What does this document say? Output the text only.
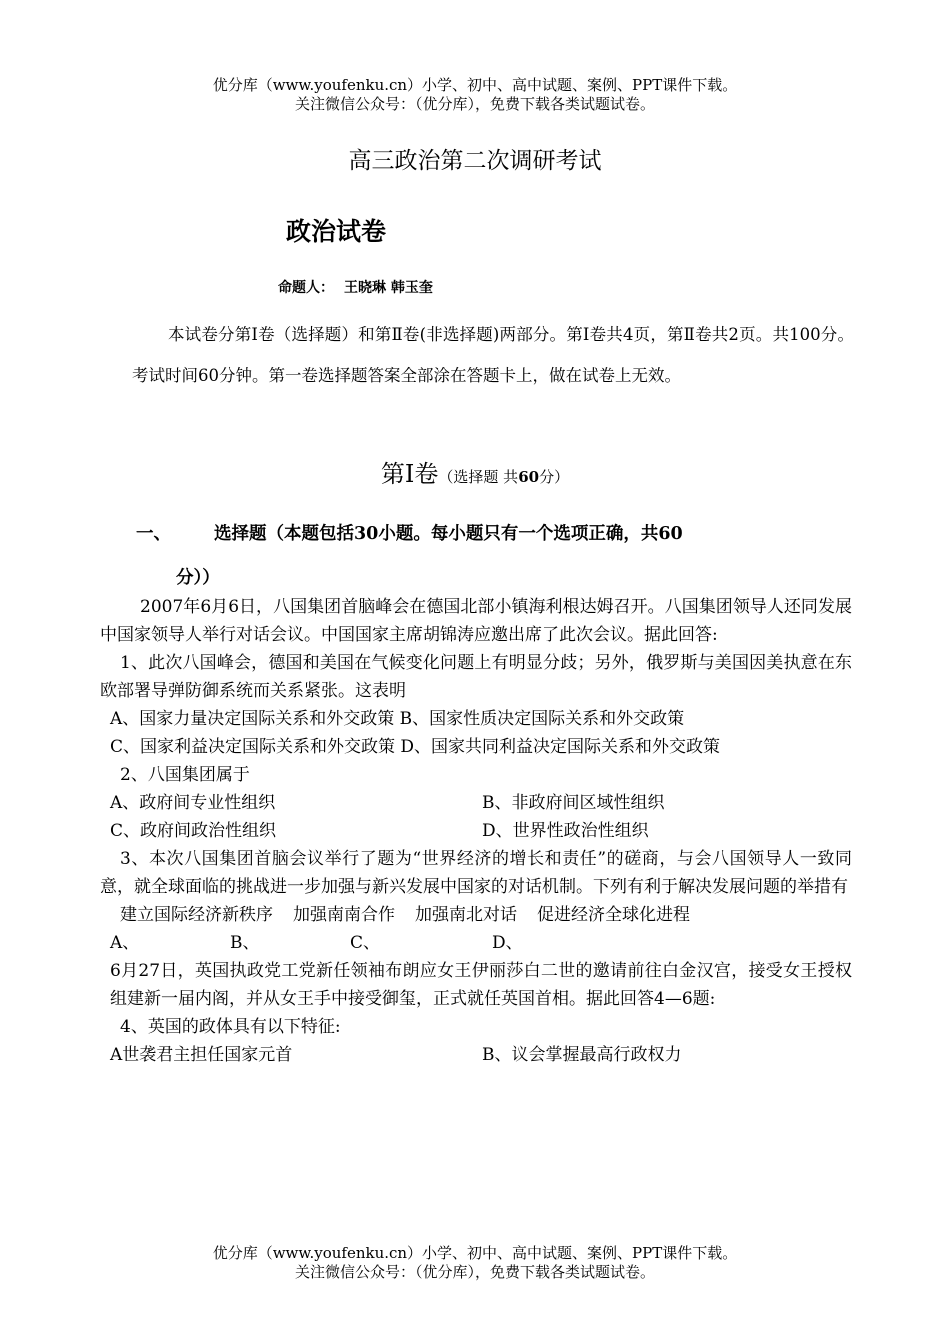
优分库（www.youfenku.cn）小学、初中、高中试题、案例、PPT课件下载。
关注微信公众号：（优分库），免费下载各类试题试卷。
高三政治第二次调研考试
政治试卷
命题人： 王晓琳 韩玉奎
本试卷分第Ⅰ卷（选择题）和第Ⅱ卷(非选择题)两部分。第Ⅰ卷共4页，第Ⅱ卷共2页。共100分。考试时间60分钟。第一卷选择题答案全部涂在答题卡上，做在试卷上无效。
第Ⅰ卷（选择题 共60分）
一、 选择题（本题包括30小题。每小题只有一个选项正确，共60
分））

2007年6月6日，八国集团首脑峰会在德国北部小镇海利根达姆召开。八国集团领导人还同发展中国家领导人举行对话会议。中国国家主席胡锦涛应邀出席了此次会议。据此回答:

1、此次八国峰会，德国和美国在气候变化问题上有明显分歧；另外，俄罗斯与美国因美执意在东欧部署导弹防御系统而关系紧张。这表明

A、国家力量决定国际关系和外交政策 B、国家性质决定国际关系和外交政策

C、国家利益决定国际关系和外交政策 D、国家共同利益决定国际关系和外交政策

2、八国集团属于

A、政府间专业性组织	B、非政府间区域性组织
C、政府间政治性组织	D、世界性政治性组织

3、本次八国集团首脑会议举行了题为“世界经济的增长和责任”的磋商，与会八国领导人一致同意，就全球面临的挑战进一步加强与新兴发展中国家的对话机制。下列有利于解决发展问题的举措有

建立国际经济新秩序 加强南南合作 加强南北对话 促进经济全球化进程
A、	B、	C、	D、

6月27日，英国执政党工党新任领袖布朗应女王伊丽莎白二世的邀请前往白金汉宫，接受女王授权组建新一届内阁，并从女王手中接受御玺，正式就任英国首相。据此回答4—6题:

4、英国的政体具有以下特征:

A世袭君主担任国家元首	B、议会掌握最高行政权力
优分库（www.youfenku.cn）小学、初中、高中试题、案例、PPT课件下载。
关注微信公众号：（优分库），免费下载各类试题试卷。
